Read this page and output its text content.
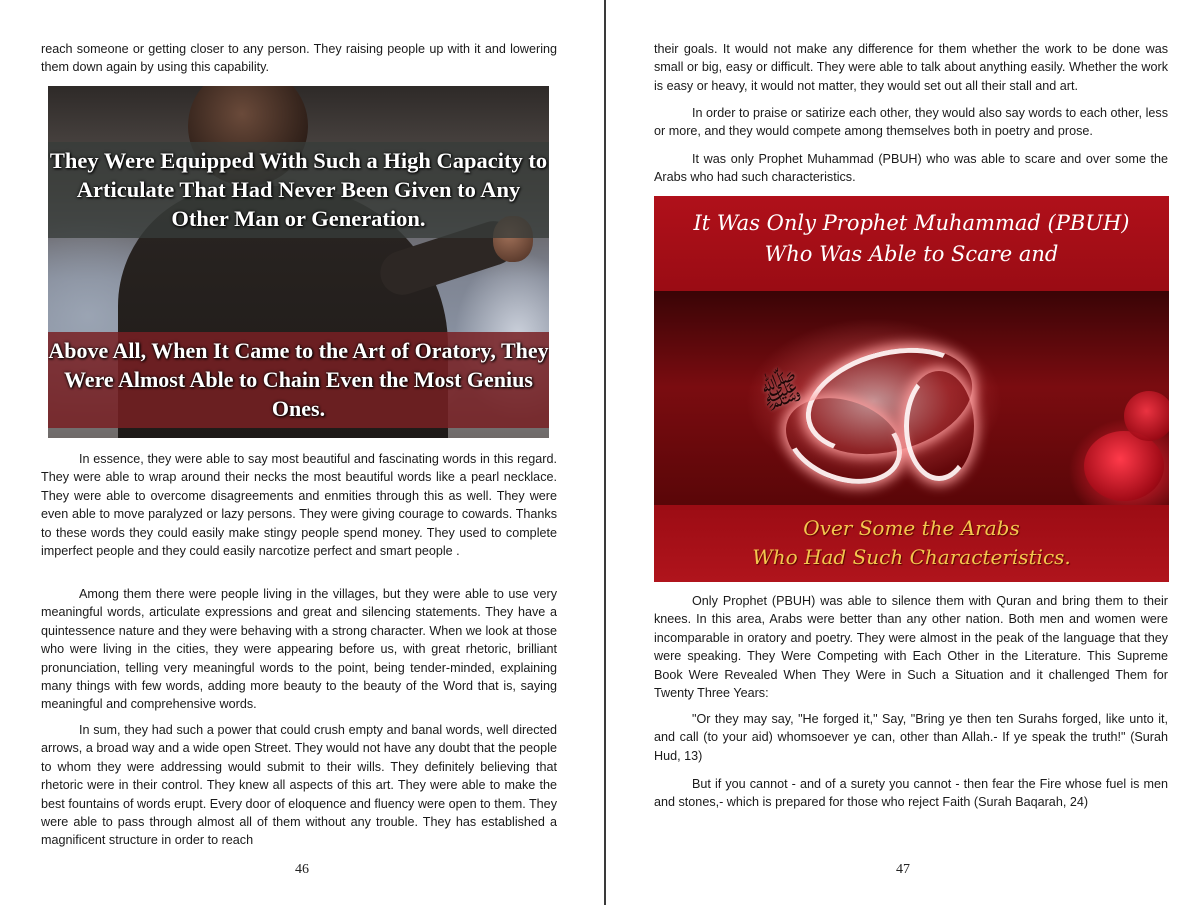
reach someone or getting closer to any person. They raising people up with it and lowering them down again by using this capability.

They Were Equipped With Such a High Capacity to Articulate That Had Never Been Given to Any Other Man or Generation.

Above All, When It Came to the Art of Oratory, They Were Almost Able to Chain Even the Most Genius Ones.

In essence, they were able to say most beautiful and fascinating words in this regard. They were able to wrap around their necks the most beautiful words like a pearl necklace. They were able to overcome disagreements and enmities through this as well. They were even able to move paralyzed or lazy persons. They were giving courage to cowards. Thanks to these words they could easily make stingy people spend money. They used to complete imperfect people and they could easily narcotize perfect and smart people .

Among them there were people living in the villages, but they were able to use very meaningful words, articulate expressions and great and silencing statements. They have a quintessence nature and they were behaving with a strong character. When we look at those who were living in the cities, they were appearing before us, with great rhetoric, brilliant pronunciation, telling very meaningful words to the point, being tender-minded, explaining many things with few words, adding more beauty to the beauty of the Word that is, saying meaningful and comprehensive words.

In sum, they had such a power that could crush empty and banal words, well directed arrows, a broad way and a wide open Street. They would not have any doubt that the people to whom they were addressing would submit to their wills. They definitely believing that rhetoric were in their control. They knew all aspects of this art. They were able to make the best fountains of words erupt. Every door of eloquence and fluency were open to them. They were able to pass through almost all of them without any trouble. They has established a magnificent structure in order to reach

46

their goals. It would not make any difference for them whether the work to be done was small or big, easy or difficult. They were able to talk about anything easily. Whether the work is easy or heavy, it would not matter, they would set out all their stall and art.

In order to praise or satirize each other, they would also say words to each other, less or more, and they would compete among themselves both in poetry and prose.

It was only Prophet Muhammad (PBUH) who was able to scare and over some the Arabs who had such characteristics.

ﷺ
It Was Only Prophet Muhammad (PBUH)
Who Was Able to Scare and
Over Some the Arabs
Who Had Such Characteristics.

Only Prophet (PBUH) was able to silence them with Quran and bring them to their knees. In this area, Arabs were better than any other nation. Both men and women were incomparable in oratory and poetry. They were almost in the peak of the language that they were speaking. They Were Competing with Each Other in the Literature. This Supreme Book Were Revealed When They Were in Such a Situation and it challenged Them for Twenty Three Years:

"Or they may say, "He forged it," Say, "Bring ye then ten Surahs forged, like unto it, and call (to your aid) whomsoever ye can, other than Allah.- If ye speak the truth!" (Surah Hud, 13)

But if you cannot - and of a surety you cannot - then fear the Fire whose fuel is men and stones,- which is prepared for those who reject Faith (Surah Baqarah, 24)

47
